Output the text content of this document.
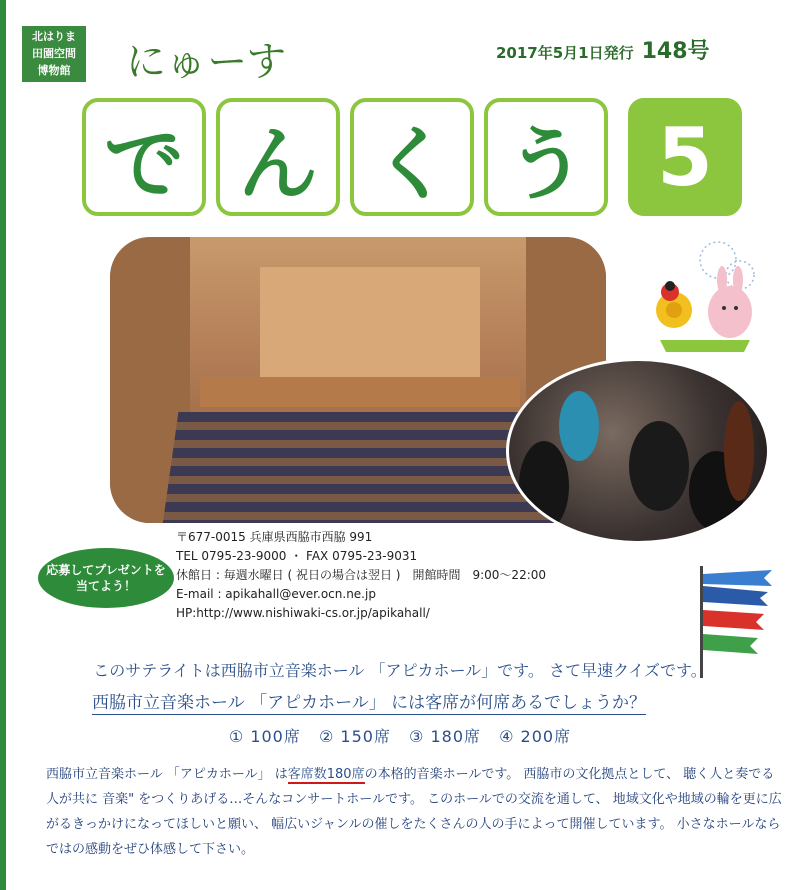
北はりま
田園空間
博物館	にゅーす	2017年5月1日発行 148号
で ん く う 5
〒677-0015 兵庫県西脇市西脇 991
TEL 0795-23-9000 ・ FAX 0795-23-9031
休館日 : 毎週水曜日 ( 祝日の場合は翌日 )　開館時間　9:00～22:00
E-mail : apikahall@ever.ocn.ne.jp
HP:http://www.nishiwaki-cs.or.jp/apikahall/
応募してプレゼントを
当てよう！
このサテライトは西脇市立音楽ホール 「アピカホール」です。 さて早速クイズです。
西脇市立音楽ホール 「アピカホール」 には客席が何席あるでしょうか？
① 100席 ② 150席 ③ 180席 ④ 200席
西脇市立音楽ホール 「アピカホール」 は客席数180席の本格的音楽ホールです。 西脇市の文化拠点として、 聴く人と奏でる人が共に 音楽" をつくりあげる…そんなコンサートホールです。 このホールでの交流を通して、 地域文化や地域の輪を更に広がるきっかけになってほしいと願い、 幅広いジャンルの催しをたくさんの人の手によって開催しています。 小さなホールならではの感動をぜひ体感して下さい。
